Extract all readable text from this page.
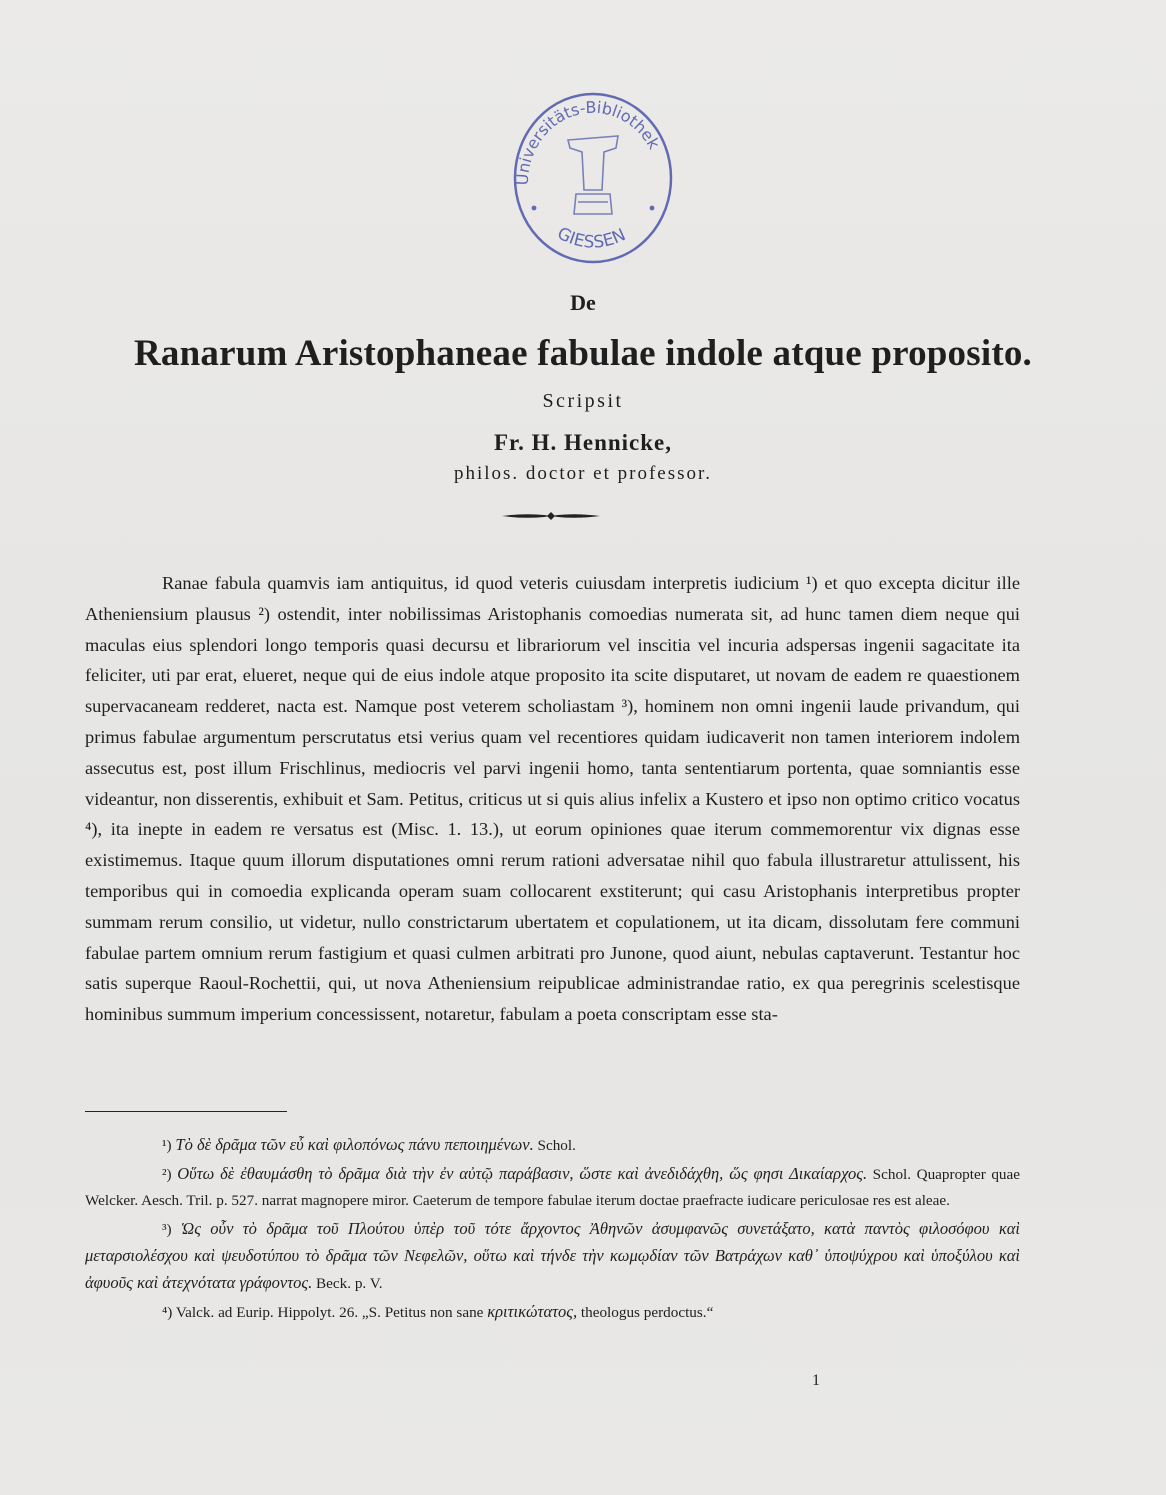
Universitäts-Bibliothek
GIESSEN
De
Ranarum Aristophaneae fabulae indole atque proposito.
Scripsit
Fr. H. Hennicke,
philos. doctor et professor.

Ranae fabula quamvis iam antiquitus, id quod veteris cuiusdam interpretis iudicium ¹) et quo excepta dicitur ille Atheniensium plausus ²) ostendit, inter nobilissimas Aristophanis comoedias numerata sit, ad hunc tamen diem neque qui maculas eius splendori longo temporis quasi decursu et librariorum vel inscitia vel incuria adspersas ingenii sagacitate ita feliciter, uti par erat, elueret, neque qui de eius indole atque proposito ita scite disputaret, ut novam de eadem re quaestionem supervacaneam redderet, nacta est. Namque post veterem scholiastam ³), hominem non omni ingenii laude privandum, qui primus fabulae argumentum perscrutatus etsi verius quam vel recentiores quidam iudicaverit non tamen interiorem indolem assecutus est, post illum Frischlinus, mediocris vel parvi ingenii homo, tanta sententiarum portenta, quae somniantis esse videantur, non disserentis, exhibuit et Sam. Petitus, criticus ut si quis alius infelix a Kustero et ipso non optimo critico vocatus ⁴), ita inepte in eadem re versatus est (Misc. 1. 13.), ut eorum opiniones quae iterum commemorentur vix dignas esse existimemus. Itaque quum illorum disputationes omni rerum rationi adversatae nihil quo fabula illustraretur attulissent, his temporibus qui in comoedia explicanda operam suam collocarent exstiterunt; qui casu Aristophanis interpretibus propter summam rerum consilio, ut videtur, nullo constrictarum ubertatem et copulationem, ut ita dicam, dissolutam fere communi fabulae partem omnium rerum fastigium et quasi culmen arbitrati pro Junone, quod aiunt, nebulas captaverunt. Testantur hoc satis superque Raoul-Rochettii, qui, ut nova Atheniensium reipublicae administrandae ratio, ex qua peregrinis scelestisque hominibus summum imperium concessissent, notaretur, fabulam a poeta conscriptam esse sta-

¹) Τὸ δὲ δρᾶμα τῶν εὖ καὶ φιλοπόνως πάνυ πεποιημένων. Schol.

²) Οὕτω δὲ ἐθαυμάσθη τὸ δρᾶμα διὰ τὴν ἐν αὐτῷ παράβασιν, ὥστε καὶ ἀνεδιδάχθη, ὥς φησι Δικαίαρχος. Schol. Quapropter quae Welcker. Aesch. Tril. p. 527. narrat magnopere miror. Caeterum de tempore fabulae iterum doctae praefracte iudicare periculosae res est aleae.

³) Ὡς οὖν τὸ δρᾶμα τοῦ Πλούτου ὑπὲρ τοῦ τότε ἄρχοντος Ἀθηνῶν ἀσυμφανῶς συνετάξατο, κατὰ παντὸς φιλοσόφου καὶ μεταρσιολέσχου καὶ ψευδοτύπου τὸ δρᾶμα τῶν Νεφελῶν, οὕτω καὶ τήνδε τὴν κωμῳδίαν τῶν Βατράχων καθ᾽ ὑποψύχρου καὶ ὑποξύλου καὶ ἀφυοῦς καὶ ἀτεχνότατα γράφοντος. Beck. p. V.

⁴) Valck. ad Eurip. Hippolyt. 26. „S. Petitus non sane κριτικώτατος, theologus perdoctus.“

1
